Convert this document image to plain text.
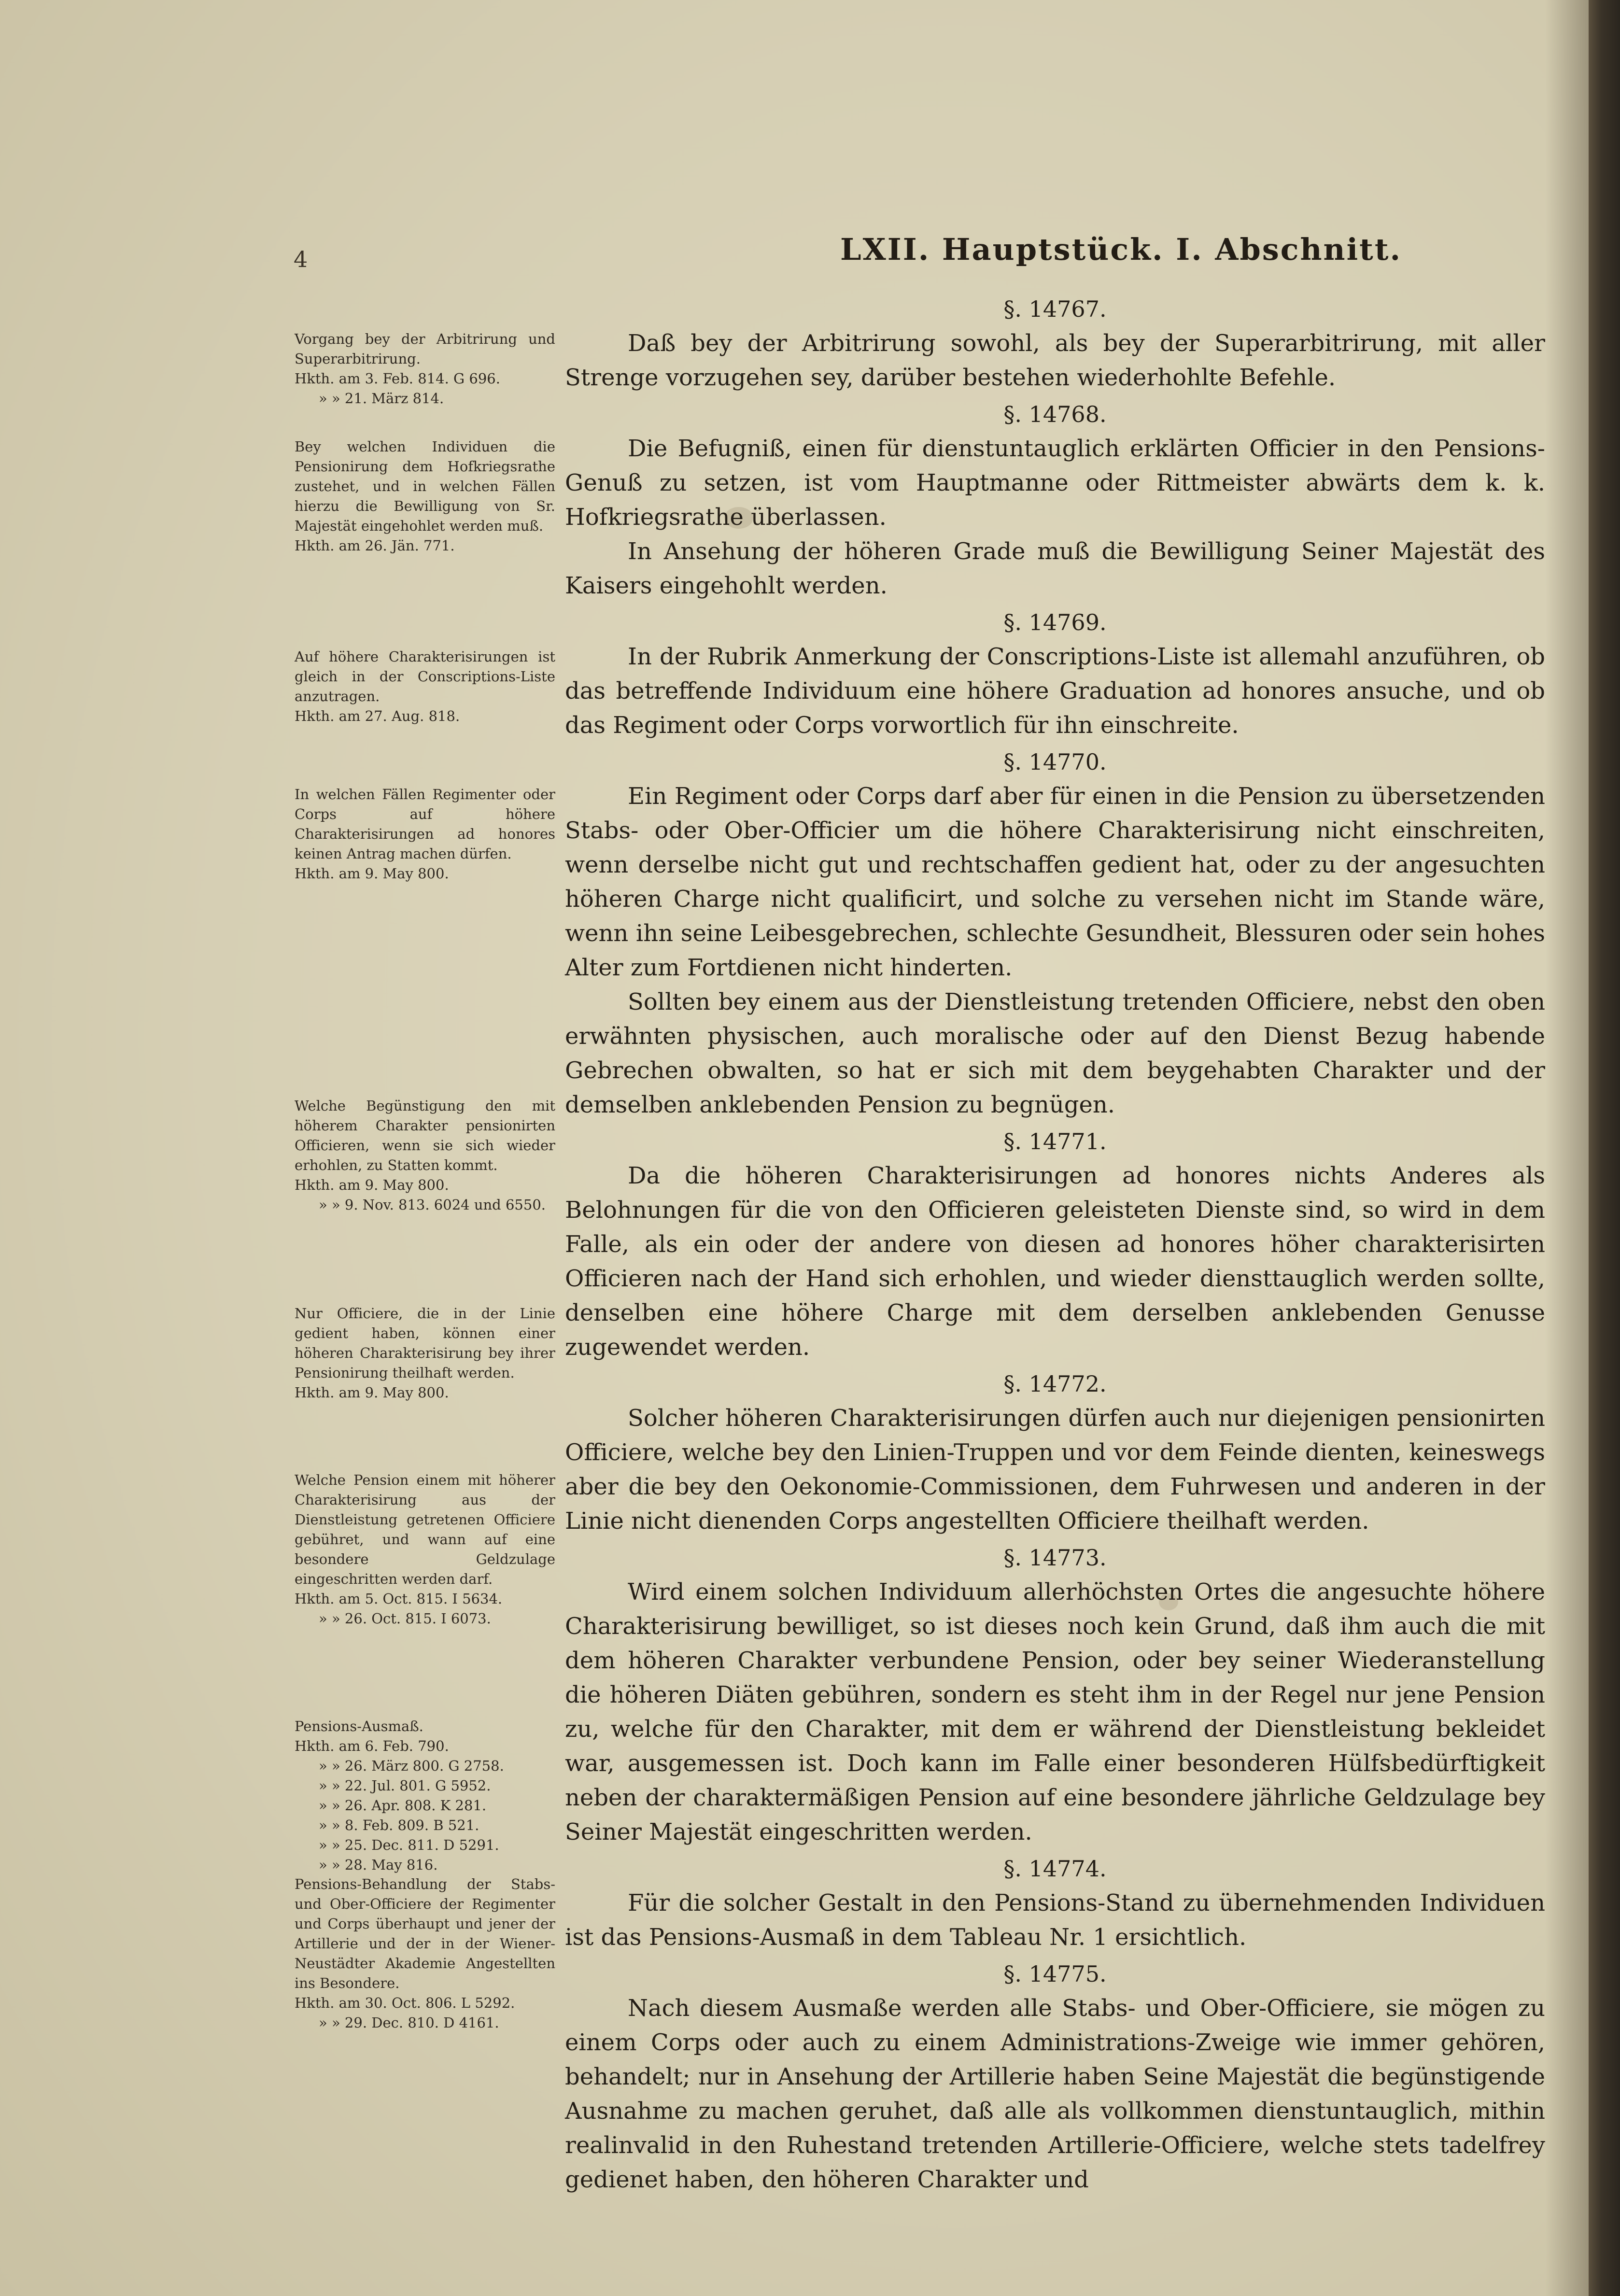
4	LXII. Hauptstück. I. Abschnitt.
§. 14767.

Daß bey der Arbitrirung sowohl, als bey der Superarbitrirung, mit aller Strenge vorzugehen sey, darüber bestehen wiederhohlte Befehle.

§. 14768.

Die Befugniß, einen für dienstuntauglich erklärten Officier in den Pensions-Genuß zu setzen, ist vom Hauptmanne oder Rittmeister abwärts dem k. k. Hofkriegsrathe überlassen.

In Ansehung der höheren Grade muß die Bewilligung Seiner Majestät des Kaisers eingehohlt werden.

§. 14769.

In der Rubrik Anmerkung der Conscriptions-Liste ist allemahl anzuführen, ob das betreffende Individuum eine höhere Graduation ad honores ansuche, und ob das Regiment oder Corps vorwortlich für ihn einschreite.

§. 14770.

Ein Regiment oder Corps darf aber für einen in die Pension zu übersetzenden Stabs- oder Ober-Officier um die höhere Charakterisirung nicht einschreiten, wenn derselbe nicht gut und rechtschaffen gedient hat, oder zu der angesuchten höheren Charge nicht qualificirt, und solche zu versehen nicht im Stande wäre, wenn ihn seine Leibesgebrechen, schlechte Gesundheit, Blessuren oder sein hohes Alter zum Fortdienen nicht hinderten.

Sollten bey einem aus der Dienstleistung tretenden Officiere, nebst den oben erwähnten physischen, auch moralische oder auf den Dienst Bezug habende Gebrechen obwalten, so hat er sich mit dem beygehabten Charakter und der demselben anklebenden Pension zu begnügen.

§. 14771.

Da die höheren Charakterisirungen ad honores nichts Anderes als Belohnungen für die von den Officieren geleisteten Dienste sind, so wird in dem Falle, als ein oder der andere von diesen ad honores höher charakterisirten Officieren nach der Hand sich erhohlen, und wieder diensttauglich werden sollte, denselben eine höhere Charge mit dem derselben anklebenden Genusse zugewendet werden.

§. 14772.

Solcher höheren Charakterisirungen dürfen auch nur diejenigen pensionirten Officiere, welche bey den Linien-Truppen und vor dem Feinde dienten, keineswegs aber die bey den Oekonomie-Commissionen, dem Fuhrwesen und anderen in der Linie nicht dienenden Corps angestellten Officiere theilhaft werden.

§. 14773.

Wird einem solchen Individuum allerhöchsten Ortes die angesuchte höhere Charakterisirung bewilliget, so ist dieses noch kein Grund, daß ihm auch die mit dem höheren Charakter verbundene Pension, oder bey seiner Wiederanstellung die höheren Diäten gebühren, sondern es steht ihm in der Regel nur jene Pension zu, welche für den Charakter, mit dem er während der Dienstleistung bekleidet war, ausgemessen ist. Doch kann im Falle einer besonderen Hülfsbedürftigkeit neben der charaktermäßigen Pension auf eine besondere jährliche Geldzulage bey Seiner Majestät eingeschritten werden.

§. 14774.

Für die solcher Gestalt in den Pensions-Stand zu übernehmenden Individuen ist das Pensions-Ausmaß in dem Tableau Nr. 1 ersichtlich.

§. 14775.

Nach diesem Ausmaße werden alle Stabs- und Ober-Officiere, sie mögen zu einem Corps oder auch zu einem Administrations-Zweige wie immer gehören, behandelt; nur in Ansehung der Artillerie haben Seine Majestät die begünstigende Ausnahme zu machen geruhet, daß alle als vollkommen dienstuntauglich, mithin realinvalid in den Ruhestand tretenden Artillerie-Officiere, welche stets tadelfrey gedienet haben, den höheren Charakter und

Vorgang bey der Arbitrirung und Superarbitrirung.

Hkth. am 3. Feb. 814. G 696.

» » 21. März 814.

Bey welchen Individuen die Pensionirung dem Hofkriegsrathe zustehet, und in welchen Fällen hierzu die Bewilligung von Sr. Majestät eingehohlet werden muß.

Hkth. am 26. Jän. 771.

Auf höhere Charakterisirungen ist gleich in der Conscriptions-Liste anzutragen.

Hkth. am 27. Aug. 818.

In welchen Fällen Regimenter oder Corps auf höhere Charakterisirungen ad honores keinen Antrag machen dürfen.

Hkth. am 9. May 800.

Welche Begünstigung den mit höherem Charakter pensionirten Officieren, wenn sie sich wieder erhohlen, zu Statten kommt.

Hkth. am 9. May 800.

» » 9. Nov. 813. 6024 und 6550.

Nur Officiere, die in der Linie gedient haben, können einer höheren Charakterisirung bey ihrer Pensionirung theilhaft werden.

Hkth. am 9. May 800.

Welche Pension einem mit höherer Charakterisirung aus der Dienstleistung getretenen Officiere gebühret, und wann auf eine besondere Geldzulage eingeschritten werden darf.

Hkth. am 5. Oct. 815. I 5634.

» » 26. Oct. 815. I 6073.

Pensions-Ausmaß.

Hkth. am 6. Feb. 790.

» » 26. März 800. G 2758.

» » 22. Jul. 801. G 5952.

» » 26. Apr. 808. K 281.

» » 8. Feb. 809. B 521.

» » 25. Dec. 811. D 5291.

» » 28. May 816.

Pensions-Behandlung der Stabs- und Ober-Officiere der Regimenter und Corps überhaupt und jener der Artillerie und der in der Wiener-Neustädter Akademie Angestellten ins Besondere.

Hkth. am 30. Oct. 806. L 5292.

» » 29. Dec. 810. D 4161.
